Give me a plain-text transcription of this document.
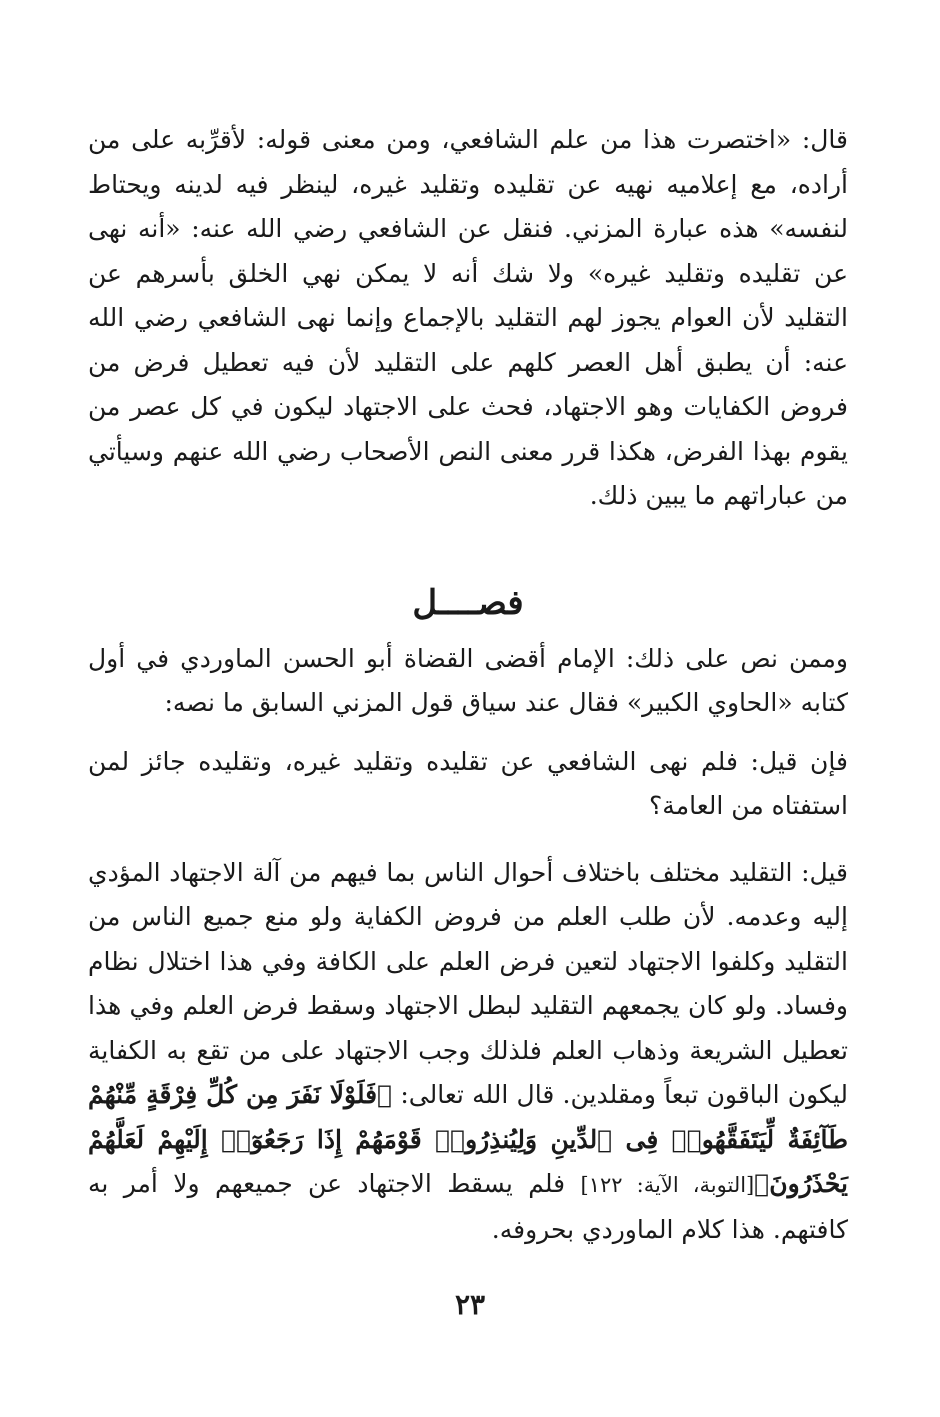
قال: «اختصرت هذا من علم الشافعي، ومن معنى قوله: لأقرِّبه على من أراده، مع إعلاميه نهيه عن تقليده وتقليد غيره، لينظر فيه لدينه ويحتاط لنفسه» هذه عبارة المزني. فنقل عن الشافعي رضي الله عنه: «أنه نهى عن تقليده وتقليد غيره» ولا شك أنه لا يمكن نهي الخلق بأسرهم عن التقليد لأن العوام يجوز لهم التقليد بالإجماع وإنما نهى الشافعي رضي الله عنه: أن يطبق أهل العصر كلهم على التقليد لأن فيه تعطيل فرض من فروض الكفايات وهو الاجتهاد، فحث على الاجتهاد ليكون في كل عصر من يقوم بهذا الفرض، هكذا قرر معنى النص الأصحاب رضي الله عنهم وسيأتي من عباراتهم ما يبين ذلك.

فصــــل

وممن نص على ذلك: الإمام أقضى القضاة أبو الحسن الماوردي في أول كتابه «الحاوي الكبير» فقال عند سياق قول المزني السابق ما نصه:

فإن قيل: فلم نهى الشافعي عن تقليده وتقليد غيره، وتقليده جائز لمن استفتاه من العامة؟

قيل: التقليد مختلف باختلاف أحوال الناس بما فيهم من آلة الاجتهاد المؤدي إليه وعدمه. لأن طلب العلم من فروض الكفاية ولو منع جميع الناس من التقليد وكلفوا الاجتهاد لتعين فرض العلم على الكافة وفي هذا اختلال نظام وفساد. ولو كان يجمعهم التقليد لبطل الاجتهاد وسقط فرض العلم وفي هذا تعطيل الشريعة وذهاب العلم فلذلك وجب الاجتهاد على من تقع به الكفاية ليكون الباقون تبعاً ومقلدين. قال الله تعالى: ﴿فَلَوْلَا نَفَرَ مِن كُلِّ فِرْقَةٍ مِّنْهُمْ طَآئِفَةٌ لِّيَتَفَقَّهُوا۟ فِى ٱلدِّينِ وَلِيُنذِرُوا۟ قَوْمَهُمْ إِذَا رَجَعُوٓا۟ إِلَيْهِمْ لَعَلَّهُمْ يَحْذَرُونَ﴾[التوبة، الآية: ١٢٢] فلم يسقط الاجتهاد عن جميعهم ولا أمر به كافتهم. هذا كلام الماوردي بحروفه.

٢٣
